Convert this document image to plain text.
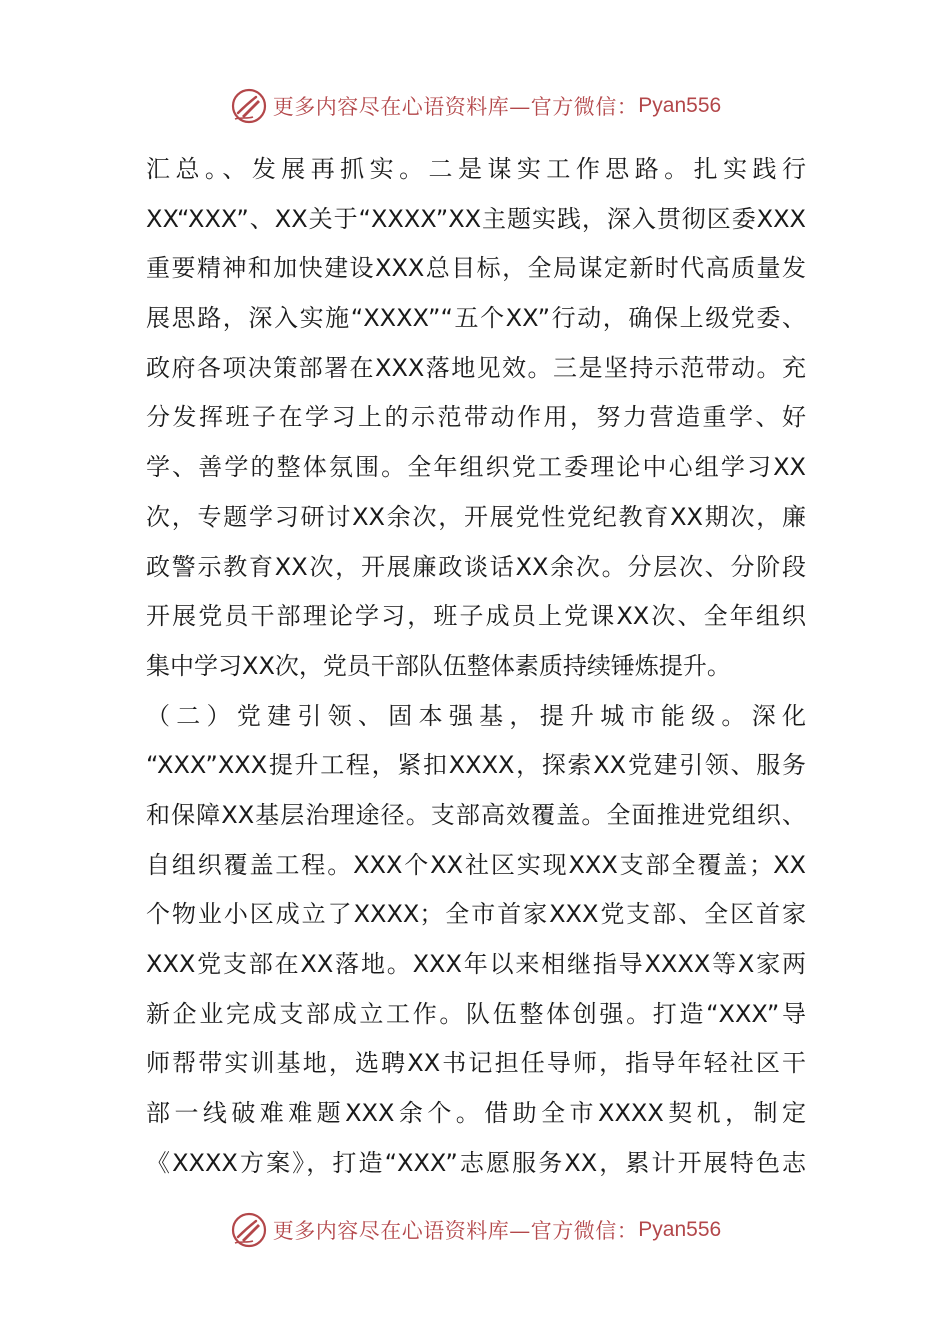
更多内容尽在心语资料库—官方微信： Pyan556
汇总。、发展再抓实。二是谋实工作思路。扎实践行
XX“XXX”、XX关于“XXXX”XX主题实践，深入贯彻区委XXX
重要精神和加快建设XXX总目标，全局谋定新时代高质量发
展思路，深入实施“XXXX”“五个XX”行动，确保上级党委、
政府各项决策部署在XXX落地见效。三是坚持示范带动。充
分发挥班子在学习上的示范带动作用，努力营造重学、好
学、善学的整体氛围。全年组织党工委理论中心组学习XX
次，专题学习研讨XX余次，开展党性党纪教育XX期次，廉
政警示教育XX次，开展廉政谈话XX余次。分层次、分阶段
开展党员干部理论学习，班子成员上党课XX次、全年组织
集中学习XX次，党员干部队伍整体素质持续锤炼提升。
（二）党建引领、固本强基，提升城市能级。深化
“XXX”XXX提升工程，紧扣XXXX，探索XX党建引领、服务
和保障XX基层治理途径。支部高效覆盖。全面推进党组织、
自组织覆盖工程。XXX个XX社区实现XXX支部全覆盖；XX
个物业小区成立了XXXX；全市首家XXX党支部、全区首家
XXX党支部在XX落地。XXX年以来相继指导XXXX等X家两
新企业完成支部成立工作。队伍整体创强。打造“XXX”导
师帮带实训基地，选聘XX书记担任导师，指导年轻社区干
部一线破难难题XXX余个。借助全市XXXX契机，制定
《XXXX方案》，打造“XXX”志愿服务XX，累计开展特色志
更多内容尽在心语资料库—官方微信： Pyan556
